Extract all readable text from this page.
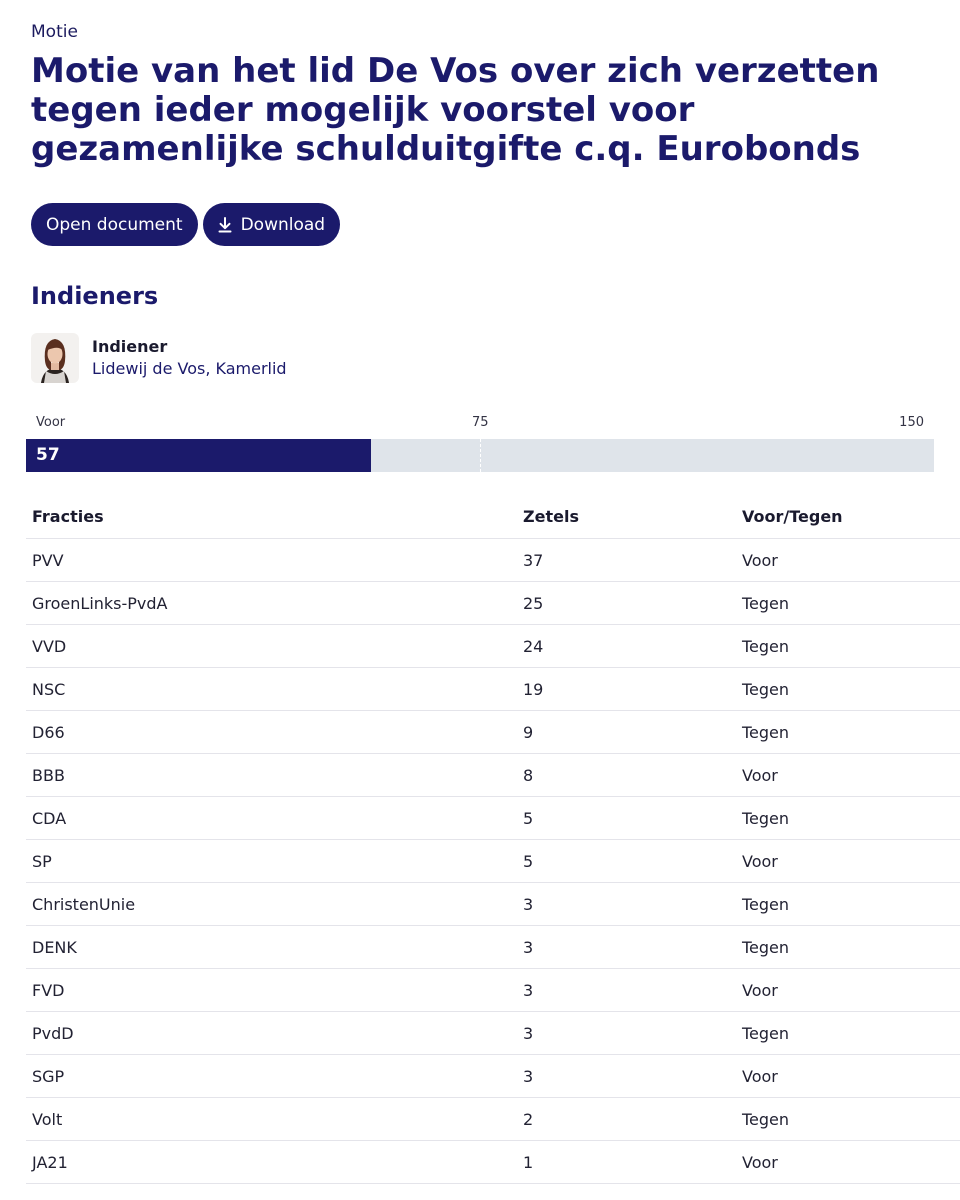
Motie
Motie van het lid De Vos over zich verzetten tegen ieder mogelijk voorstel voor gezamenlijke schulduitgifte c.q. Eurobonds
Open document	Download
Indieners
Indiener
Lidewij de Vos, Kamerlid
Voor	75	150
57
Fracties	Zetels	Voor/Tegen
PVV	37	Voor
GroenLinks-PvdA	25	Tegen
VVD	24	Tegen
NSC	19	Tegen
D66	9	Tegen
BBB	8	Voor
CDA	5	Tegen
SP	5	Voor
ChristenUnie	3	Tegen
DENK	3	Tegen
FVD	3	Voor
PvdD	3	Tegen
SGP	3	Voor
Volt	2	Tegen
JA21	1	Voor
